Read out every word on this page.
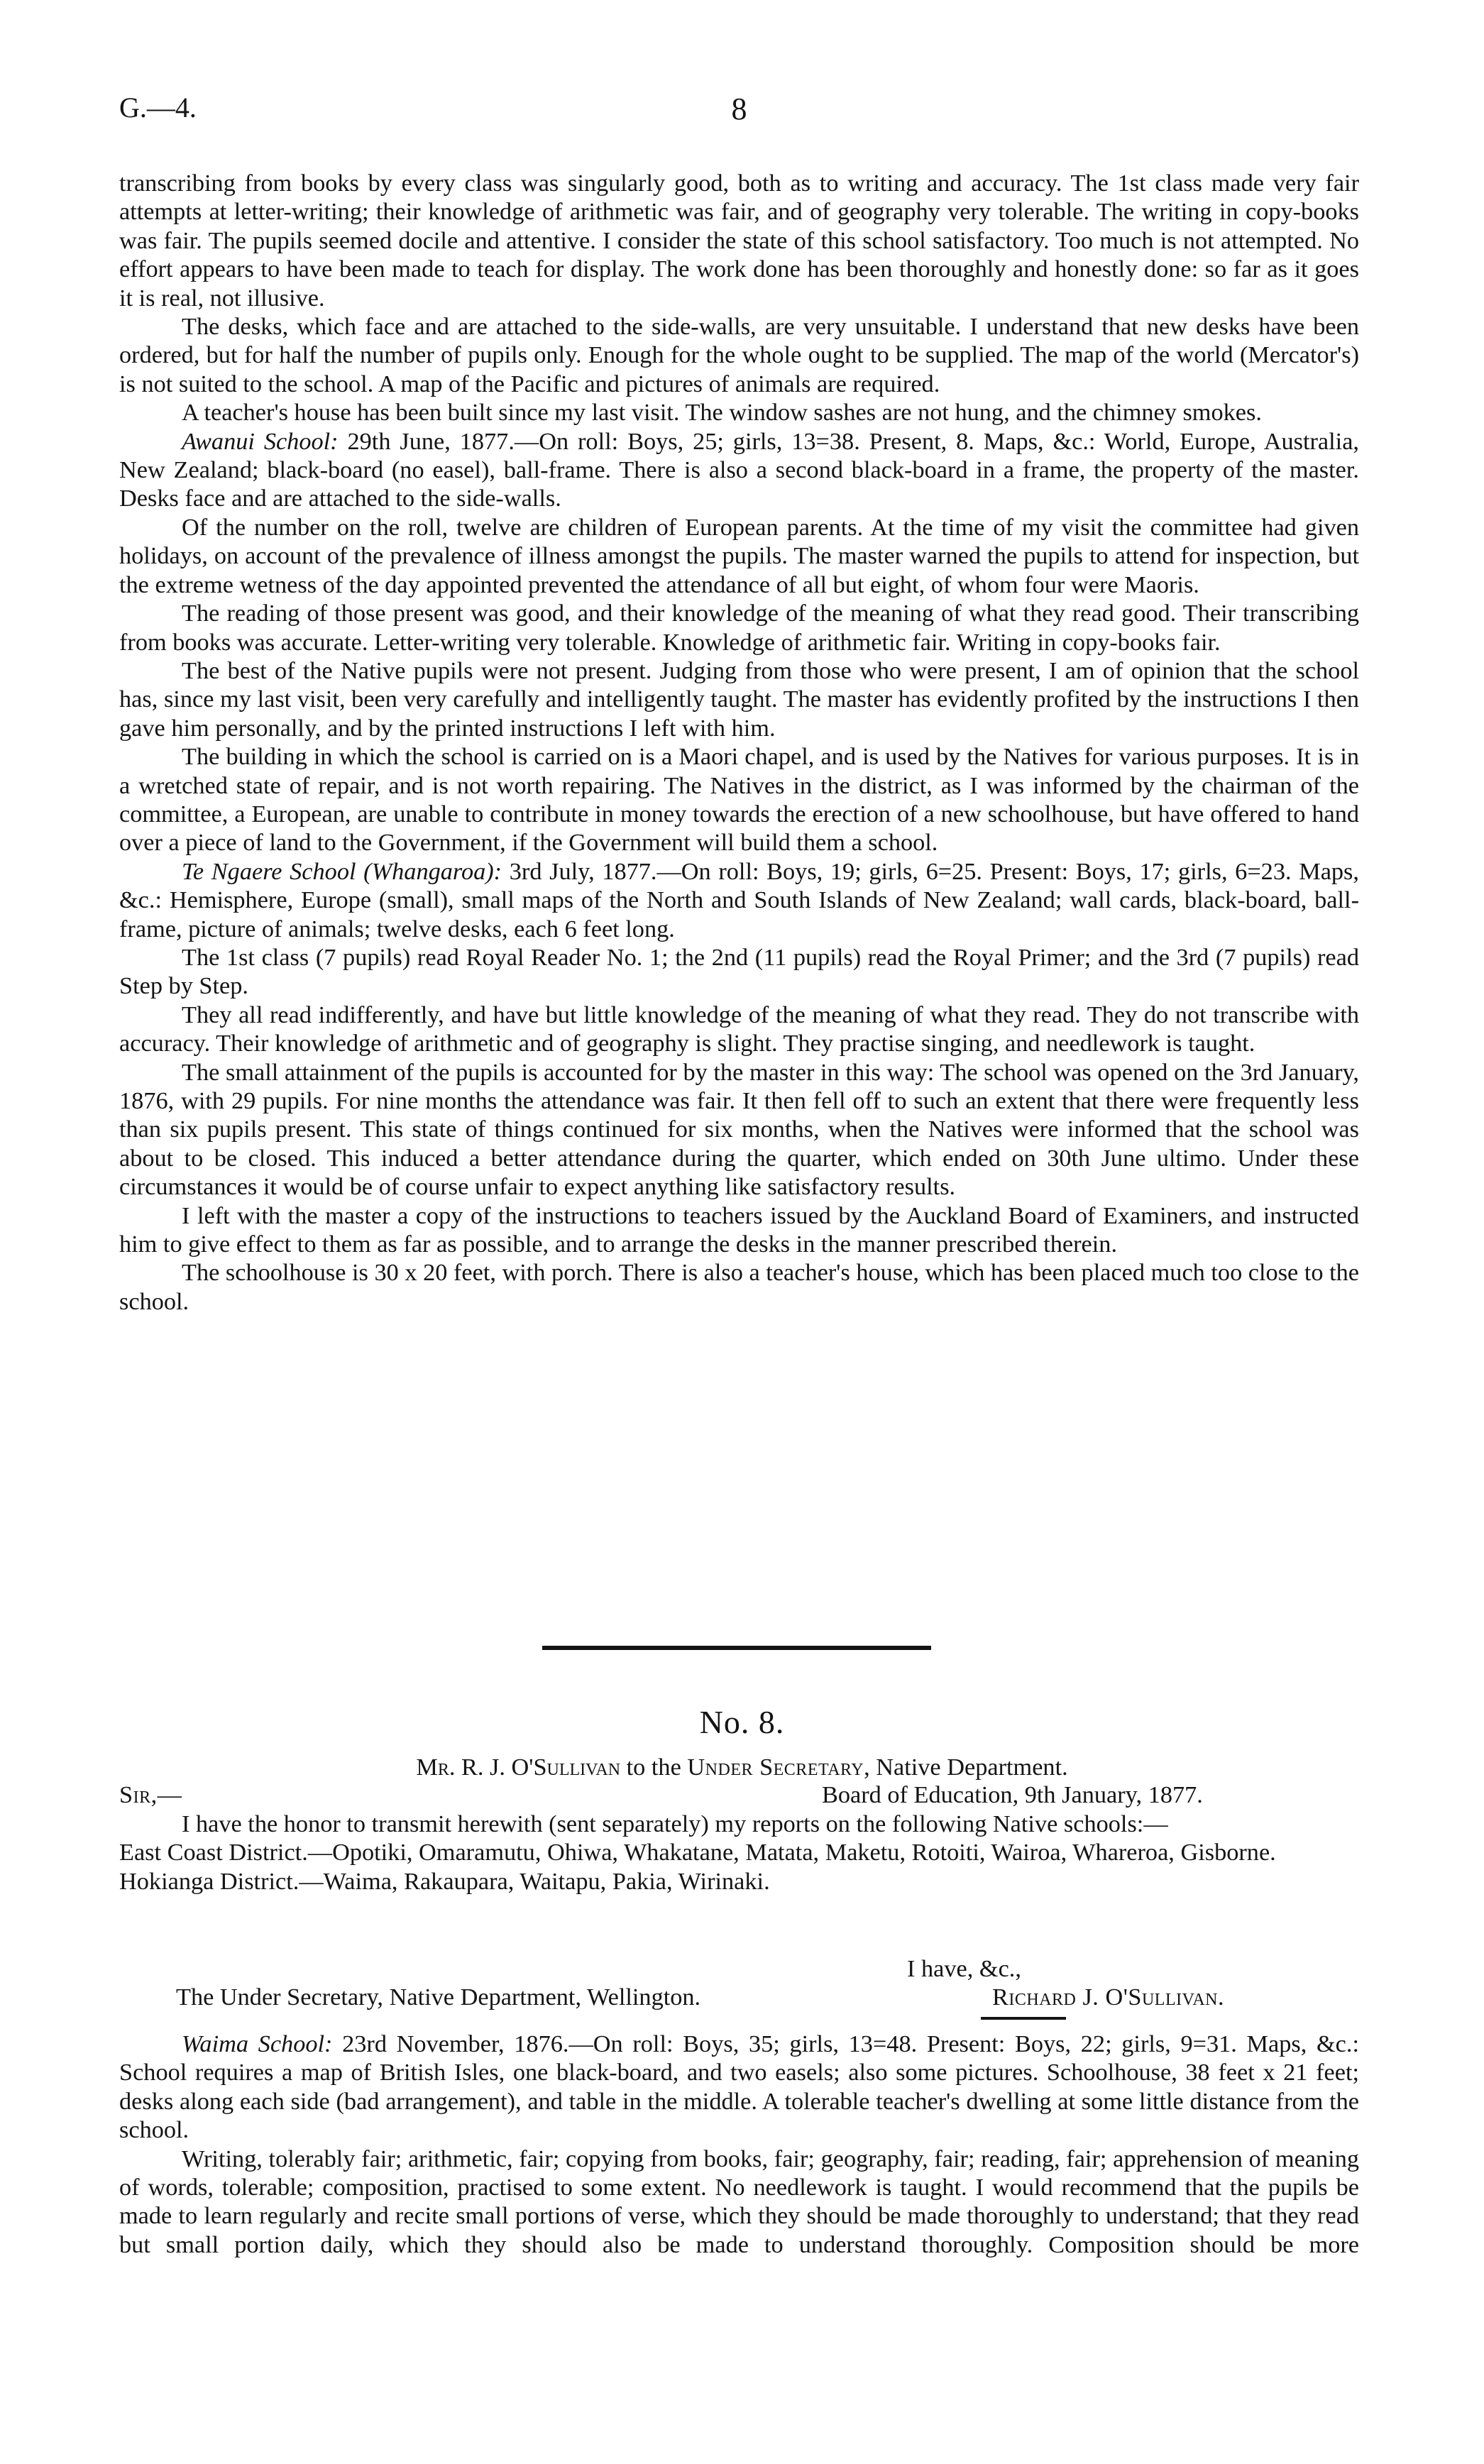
G.—4.	8

transcribing from books by every class was singularly good, both as to writing and accuracy. The 1st class made very fair attempts at letter-writing; their knowledge of arithmetic was fair, and of geography very tolerable. The writing in copy-books was fair. The pupils seemed docile and attentive. I consider the state of this school satisfactory. Too much is not attempted. No effort appears to have been made to teach for display. The work done has been thoroughly and honestly done: so far as it goes it is real, not illusive.

The desks, which face and are attached to the side-walls, are very unsuitable. I understand that new desks have been ordered, but for half the number of pupils only. Enough for the whole ought to be supplied. The map of the world (Mercator's) is not suited to the school. A map of the Pacific and pictures of animals are required.

A teacher's house has been built since my last visit. The window sashes are not hung, and the chimney smokes.

Awanui School: 29th June, 1877.—On roll: Boys, 25; girls, 13=38. Present, 8. Maps, &c.: World, Europe, Australia, New Zealand; black-board (no easel), ball-frame. There is also a second black-board in a frame, the property of the master. Desks face and are attached to the side-walls.

Of the number on the roll, twelve are children of European parents. At the time of my visit the committee had given holidays, on account of the prevalence of illness amongst the pupils. The master warned the pupils to attend for inspection, but the extreme wetness of the day appointed prevented the attendance of all but eight, of whom four were Maoris.

The reading of those present was good, and their knowledge of the meaning of what they read good. Their transcribing from books was accurate. Letter-writing very tolerable. Knowledge of arithmetic fair. Writing in copy-books fair.

The best of the Native pupils were not present. Judging from those who were present, I am of opinion that the school has, since my last visit, been very carefully and intelligently taught. The master has evidently profited by the instructions I then gave him personally, and by the printed instructions I left with him.

The building in which the school is carried on is a Maori chapel, and is used by the Natives for various purposes. It is in a wretched state of repair, and is not worth repairing. The Natives in the district, as I was informed by the chairman of the committee, a European, are unable to contribute in money towards the erection of a new schoolhouse, but have offered to hand over a piece of land to the Government, if the Government will build them a school.

Te Ngaere School (Whangaroa): 3rd July, 1877.—On roll: Boys, 19; girls, 6=25. Present: Boys, 17; girls, 6=23. Maps, &c.: Hemisphere, Europe (small), small maps of the North and South Islands of New Zealand; wall cards, black-board, ball-frame, picture of animals; twelve desks, each 6 feet long.

The 1st class (7 pupils) read Royal Reader No. 1; the 2nd (11 pupils) read the Royal Primer; and the 3rd (7 pupils) read Step by Step.

They all read indifferently, and have but little knowledge of the meaning of what they read. They do not transcribe with accuracy. Their knowledge of arithmetic and of geography is slight. They practise singing, and needlework is taught.

The small attainment of the pupils is accounted for by the master in this way: The school was opened on the 3rd January, 1876, with 29 pupils. For nine months the attendance was fair. It then fell off to such an extent that there were frequently less than six pupils present. This state of things continued for six months, when the Natives were informed that the school was about to be closed. This induced a better attendance during the quarter, which ended on 30th June ultimo. Under these circumstances it would be of course unfair to expect anything like satisfactory results.

I left with the master a copy of the instructions to teachers issued by the Auckland Board of Examiners, and instructed him to give effect to them as far as possible, and to arrange the desks in the manner prescribed therein.

The schoolhouse is 30 x 20 feet, with porch. There is also a teacher's house, which has been placed much too close to the school.

No. 8.
Mr. R. J. O'Sullivan to the Under Secretary, Native Department.
Sir,—	Board of Education, 9th January, 1877.

I have the honor to transmit herewith (sent separately) my reports on the following Native schools:—

East Coast District.—Opotiki, Omaramutu, Ohiwa, Whakatane, Matata, Maketu, Rotoiti, Wairoa, Whareroa, Gisborne.

Hokianga District.—Waima, Rakaupara, Waitapu, Pakia, Wirinaki.

I have, &c.,
The Under Secretary, Native Department, Wellington.	Richard J. O'Sullivan.

Waima School: 23rd November, 1876.—On roll: Boys, 35; girls, 13=48. Present: Boys, 22; girls, 9=31. Maps, &c.: School requires a map of British Isles, one black-board, and two easels; also some pictures. Schoolhouse, 38 feet x 21 feet; desks along each side (bad arrangement), and table in the middle. A tolerable teacher's dwelling at some little distance from the school.

Writing, tolerably fair; arithmetic, fair; copying from books, fair; geography, fair; reading, fair; apprehension of meaning of words, tolerable; composition, practised to some extent. No needlework is taught. I would recommend that the pupils be made to learn regularly and recite small portions of verse, which they should be made thoroughly to understand; that they read but small portion daily, which they should also be made to understand thoroughly. Composition should be more
